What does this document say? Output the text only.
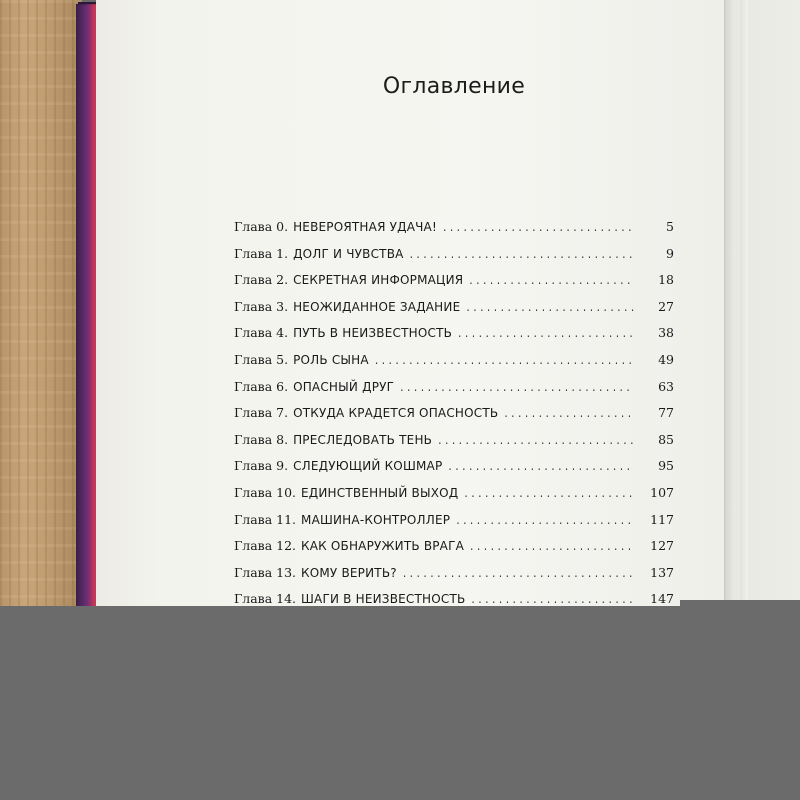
Оглавление
Глава 0. НЕВЕРОЯТНАЯ УДАЧА! . . .	5
Глава 1. ДОЛГ И ЧУВСТВА . . .	9
Глава 2. СЕКРЕТНАЯ ИНФОРМАЦИЯ . . .	18
Глава 3. НЕОЖИДАННОЕ ЗАДАНИЕ . . .	27
Глава 4. ПУТЬ В НЕИЗВЕСТНОСТЬ . . .	38
Глава 5. РОЛЬ СЫНА . . .	49
Глава 6. ОПАСНЫЙ ДРУГ . . .	63
Глава 7. ОТКУДА КРАДЕТСЯ ОПАСНОСТЬ . . .	77
Глава 8. ПРЕСЛЕДОВАТЬ ТЕНЬ . . .	85
Глава 9. СЛЕДУЮЩИЙ КОШМАР . . .	95
Глава 10. ЕДИНСТВЕННЫЙ ВЫХОД . . .	107
Глава 11. МАШИНА-КОНТРОЛЛЕР . . .	117
Глава 12. КАК ОБНАРУЖИТЬ ВРАГА . . .	127
Глава 13. КОМУ ВЕРИТЬ? . . .	137
Глава 14. ШАГИ В НЕИЗВЕСТНОСТЬ . . .	147
